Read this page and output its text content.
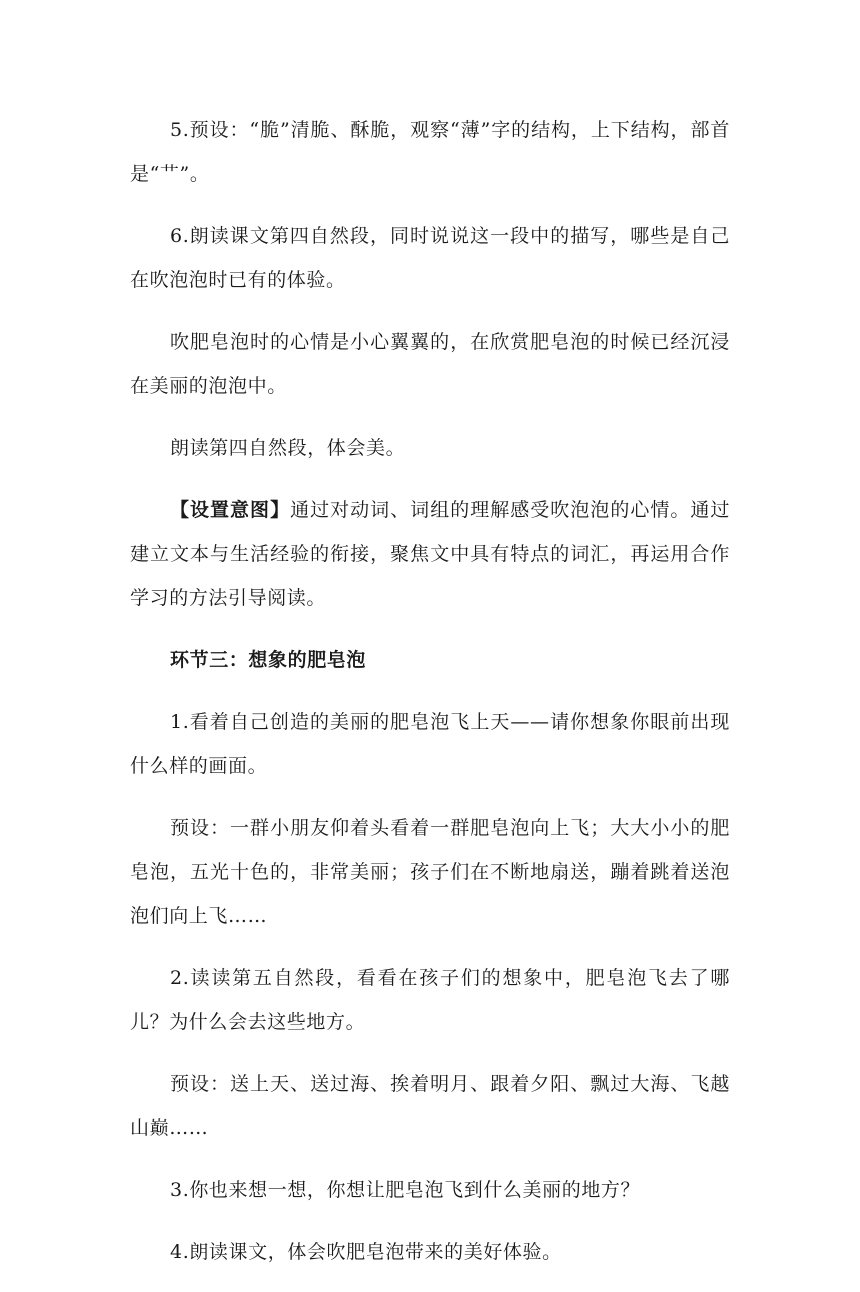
5.预设：“脆”清脆、酥脆，观察“薄”字的结构，上下结构，部首是“艹”。

6.朗读课文第四自然段，同时说说这一段中的描写，哪些是自己在吹泡泡时已有的体验。

吹肥皂泡时的心情是小心翼翼的，在欣赏肥皂泡的时候已经沉浸在美丽的泡泡中。

朗读第四自然段，体会美。

【设置意图】通过对动词、词组的理解感受吹泡泡的心情。通过建立文本与生活经验的衔接，聚焦文中具有特点的词汇，再运用合作学习的方法引导阅读。

环节三：想象的肥皂泡

1.看着自己创造的美丽的肥皂泡飞上天——请你想象你眼前出现什么样的画面。

预设：一群小朋友仰着头看着一群肥皂泡向上飞；大大小小的肥皂泡，五光十色的，非常美丽；孩子们在不断地扇送，蹦着跳着送泡泡们向上飞……

2.读读第五自然段，看看在孩子们的想象中，肥皂泡飞去了哪儿？为什么会去这些地方。

预设：送上天、送过海、挨着明月、跟着夕阳、飘过大海、飞越山巅……

3.你也来想一想，你想让肥皂泡飞到什么美丽的地方？

4.朗读课文，体会吹肥皂泡带来的美好体验。
